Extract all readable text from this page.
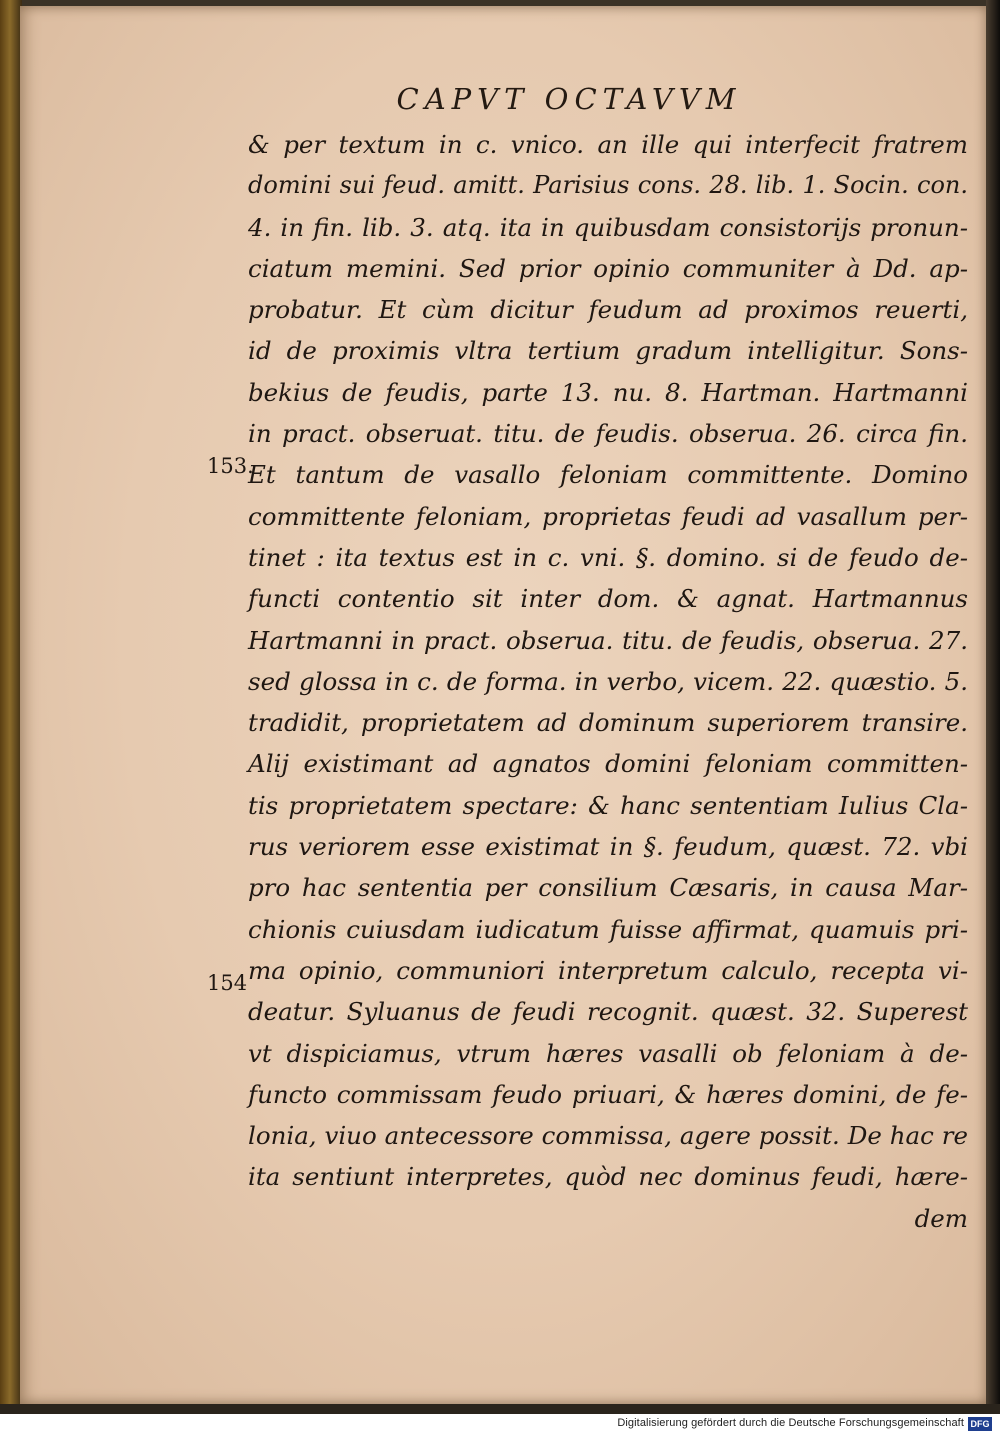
CAPVT OCTAVVM
153.
154
& per textum in c. vnico. an ille qui interfecit fratrem
domini sui feud. amitt. Parisius cons. 28. lib. 1. Socin. con.
4. in fin. lib. 3. atq. ita in quibusdam consistorijs pronun-
ciatum memini. Sed prior opinio communiter à Dd. ap-
probatur. Et cùm dicitur feudum ad proximos reuerti,
id de proximis vltra tertium gradum intelligitur. Sons-
bekius de feudis, parte 13. nu. 8. Hartman. Hartmanni
in pract. obseruat. titu. de feudis. obserua. 26. circa fin.
Et tantum de vasallo feloniam committente. Domino
committente feloniam, proprietas feudi ad vasallum per-
tinet : ita textus est in c. vni. §. domino. si de feudo de-
functi contentio sit inter dom. & agnat. Hartmannus
Hartmanni in pract. obserua. titu. de feudis, obserua. 27.
sed glossa in c. de forma. in verbo, vicem. 22. quæstio. 5.
tradidit, proprietatem ad dominum superiorem transire.
Alij existimant ad agnatos domini feloniam committen-
tis proprietatem spectare: & hanc sententiam Iulius Cla-
rus veriorem esse existimat in §. feudum, quæst. 72. vbi
pro hac sententia per consilium Cæsaris, in causa Mar-
chionis cuiusdam iudicatum fuisse affirmat, quamuis pri-
ma opinio, communiori interpretum calculo, recepta vi-
deatur. Syluanus de feudi recognit. quæst. 32. Superest
vt dispiciamus, vtrum hæres vasalli ob feloniam à de-
functo commissam feudo priuari, & hæres domini, de fe-
lonia, viuo antecessore commissa, agere possit. De hac re
ita sentiunt interpretes, quòd nec dominus feudi, hære-
dem
Digitalisierung gefördert durch die Deutsche Forschungsgemeinschaft DFG
